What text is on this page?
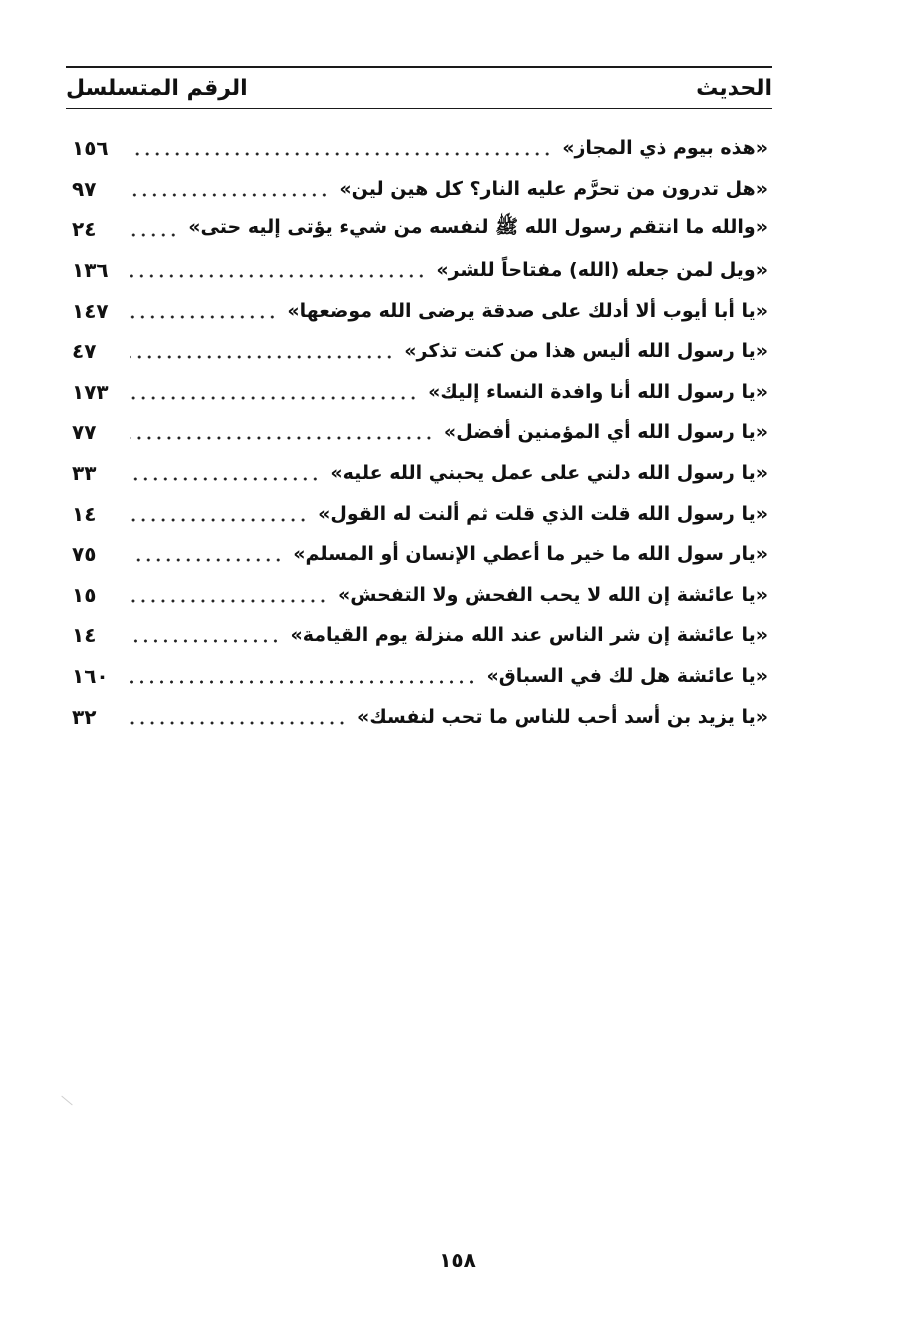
الحديث
الرقم المتسلسل
«هذه بيوم ذي المجاز»
١٥٦
«هل تدرون من تحرَّم عليه النار؟ كل هين لين»
٩٧
«والله ما انتقم رسول الله ﷺ لنفسه من شيء يؤتى إليه حتى»
٢٤
«ويل لمن جعله (الله) مفتاحاً للشر»
١٣٦
«يا أبا أيوب ألا أدلك على صدقة يرضى الله موضعها»
١٤٧
«يا رسول الله أليس هذا من كنت تذكر»
٤٧
«يا رسول الله أنا وافدة النساء إليك»
١٧٣
«يا رسول الله أي المؤمنين أفضل»
٧٧
«يا رسول الله دلني على عمل يحبني الله عليه»
٣٣
«يا رسول الله قلت الذي قلت ثم ألنت له القول»
١٤
«يار سول الله ما خير ما أعطي الإنسان أو المسلم»
٧٥
«يا عائشة إن الله لا يحب الفحش ولا التفحش»
١٥
«يا عائشة إن شر الناس عند الله منزلة يوم القيامة»
١٤
«يا عائشة هل لك في السباق»
١٦٠
«يا يزيد بن أسد أحب للناس ما تحب لنفسك»
٣٢
١٥٨
